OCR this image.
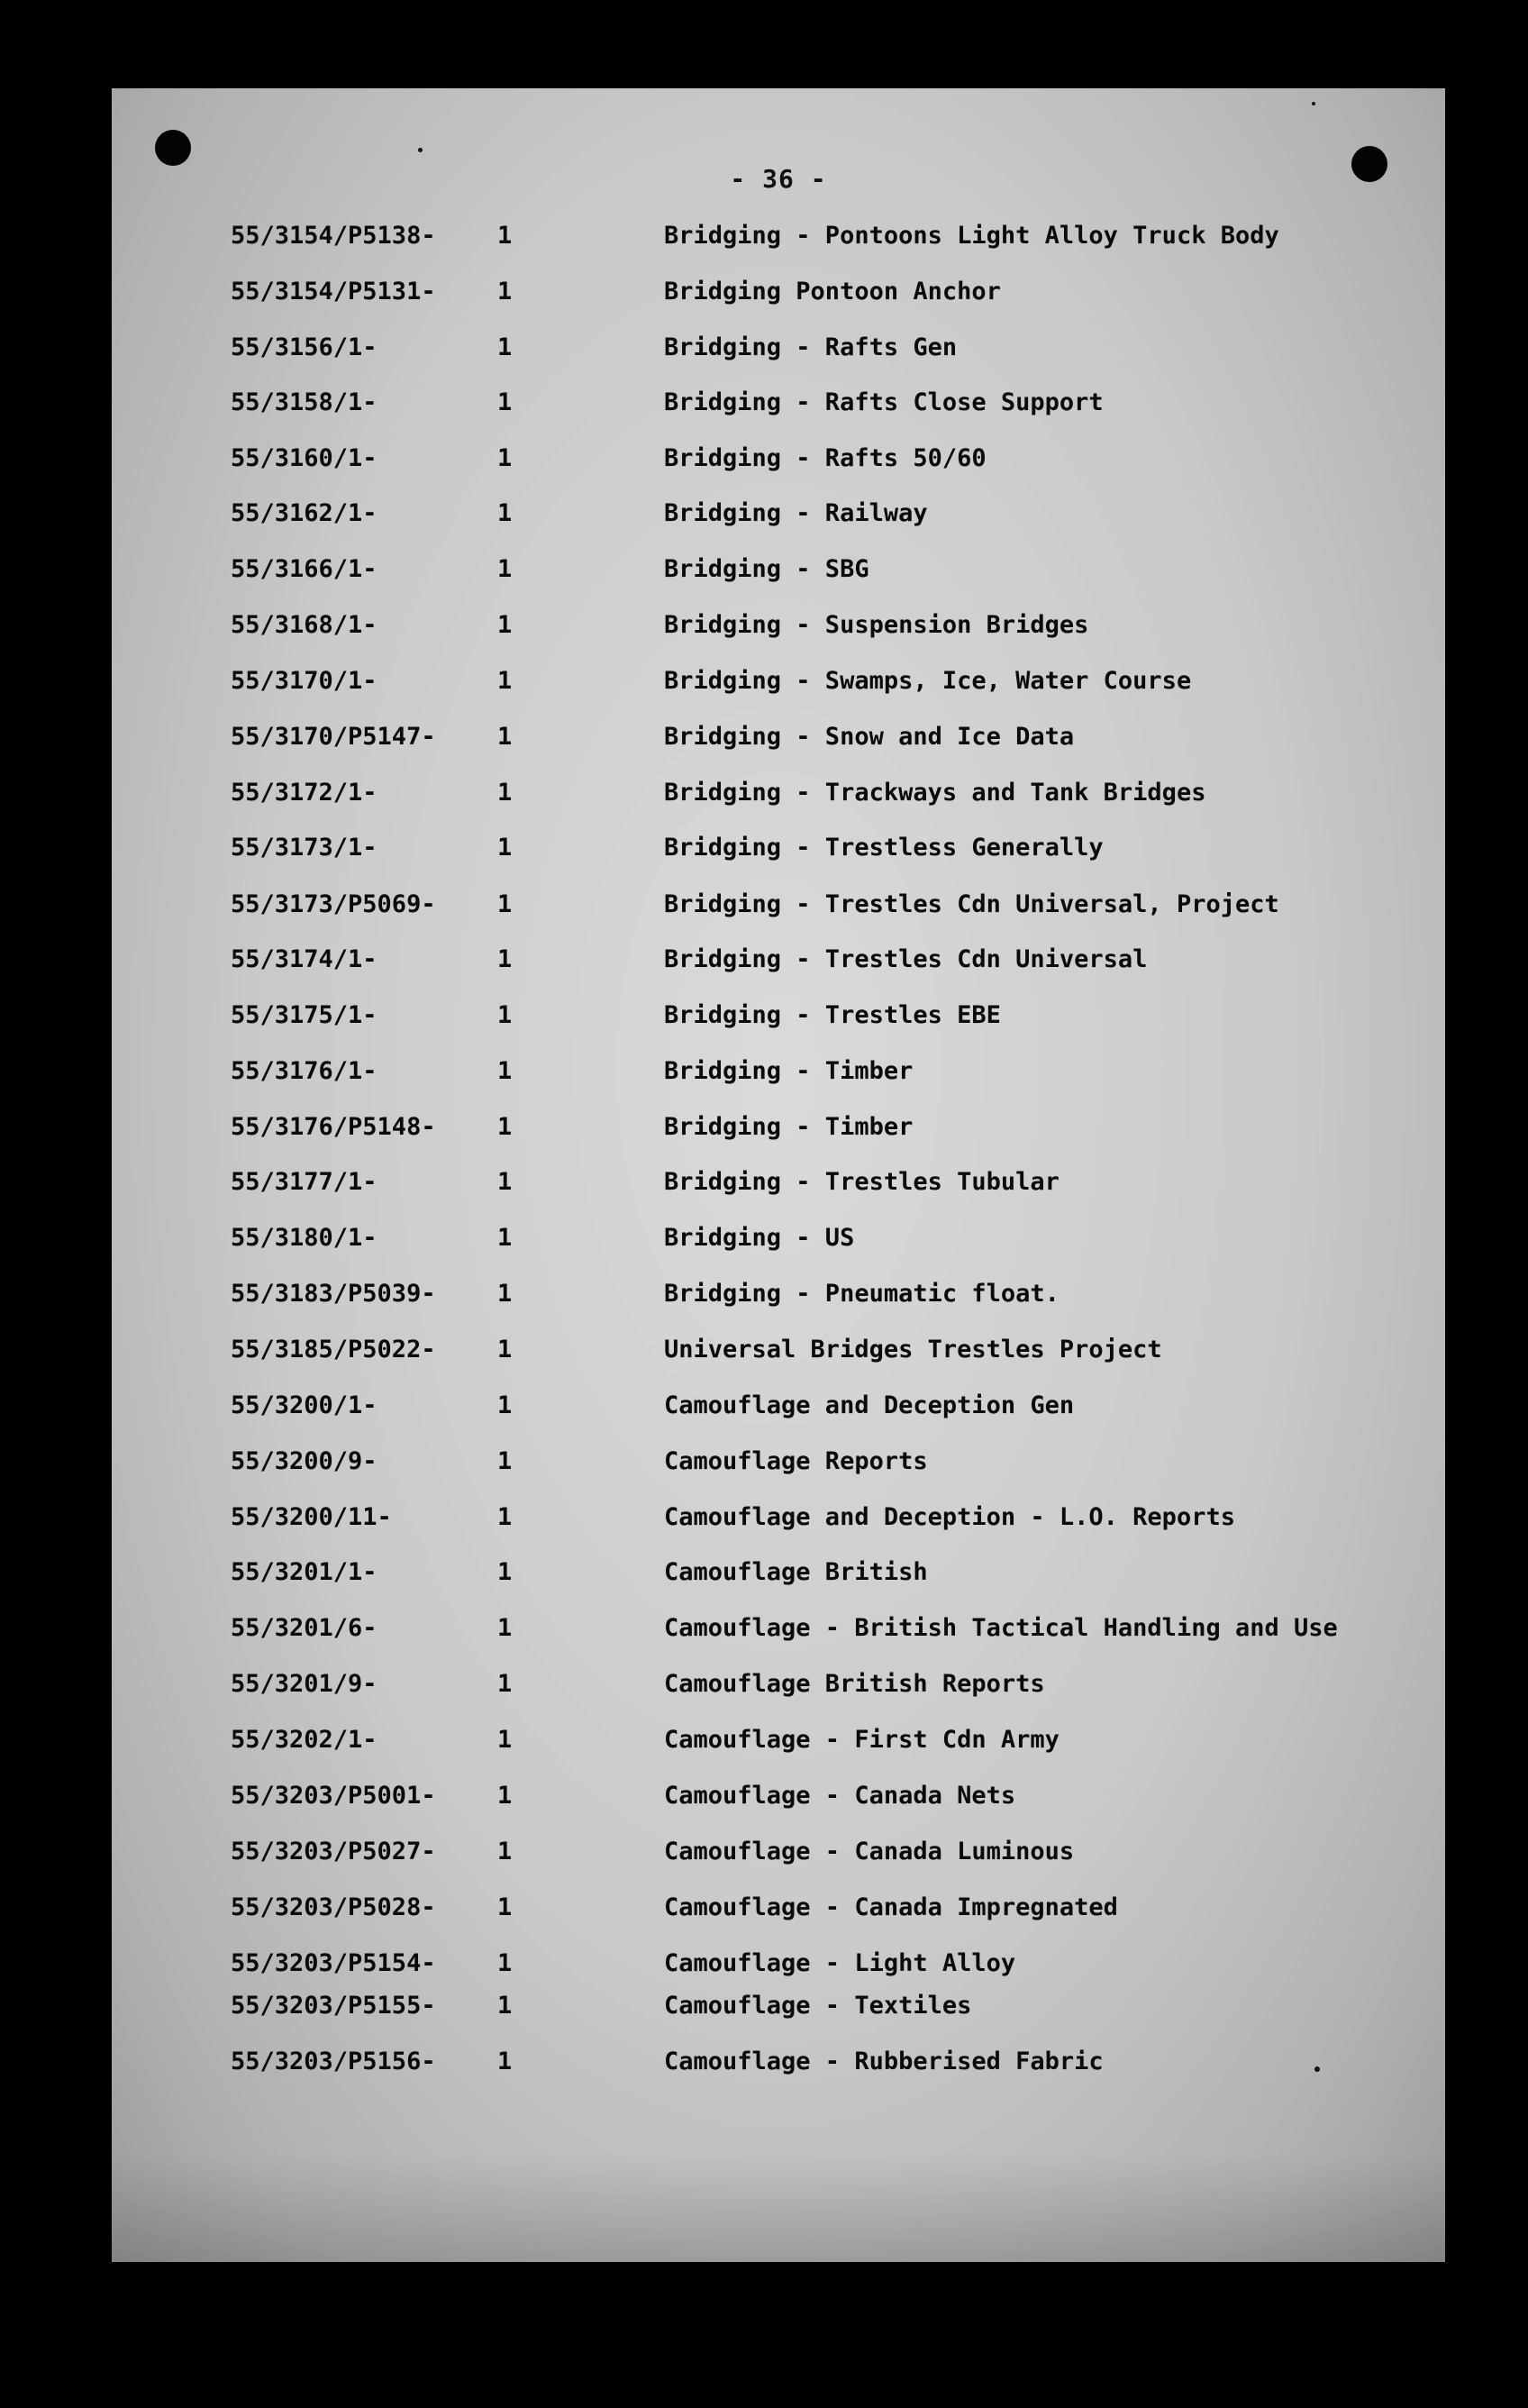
- 36 -
55/3154/P5138-	1	Bridging - Pontoons Light Alloy Truck Body
55/3154/P5131-	1	Bridging Pontoon Anchor
55/3156/1-	1	Bridging - Rafts Gen
55/3158/1-	1	Bridging - Rafts Close Support
55/3160/1-	1	Bridging - Rafts 50/60
55/3162/1-	1	Bridging - Railway
55/3166/1-	1	Bridging - SBG
55/3168/1-	1	Bridging - Suspension Bridges
55/3170/1-	1	Bridging - Swamps, Ice, Water Course
55/3170/P5147-	1	Bridging - Snow and Ice Data
55/3172/1-	1	Bridging - Trackways and Tank Bridges
55/3173/1-	1	Bridging - Trestless Generally
55/3173/P5069-	1	Bridging - Trestles Cdn Universal, Project
55/3174/1-	1	Bridging - Trestles Cdn Universal
55/3175/1-	1	Bridging - Trestles EBE
55/3176/1-	1	Bridging - Timber
55/3176/P5148-	1	Bridging - Timber
55/3177/1-	1	Bridging - Trestles Tubular
55/3180/1-	1	Bridging - US
55/3183/P5039-	1	Bridging - Pneumatic float.
55/3185/P5022-	1	Universal Bridges Trestles Project
55/3200/1-	1	Camouflage and Deception Gen
55/3200/9-	1	Camouflage Reports
55/3200/11-	1	Camouflage and Deception - L.O. Reports
55/3201/1-	1	Camouflage British
55/3201/6-	1	Camouflage - British Tactical Handling and Use
55/3201/9-	1	Camouflage British Reports
55/3202/1-	1	Camouflage - First Cdn Army
55/3203/P5001-	1	Camouflage - Canada Nets
55/3203/P5027-	1	Camouflage - Canada Luminous
55/3203/P5028-	1	Camouflage - Canada Impregnated
55/3203/P5154-	1	Camouflage - Light Alloy
55/3203/P5155-	1	Camouflage - Textiles
55/3203/P5156-	1	Camouflage - Rubberised Fabric
